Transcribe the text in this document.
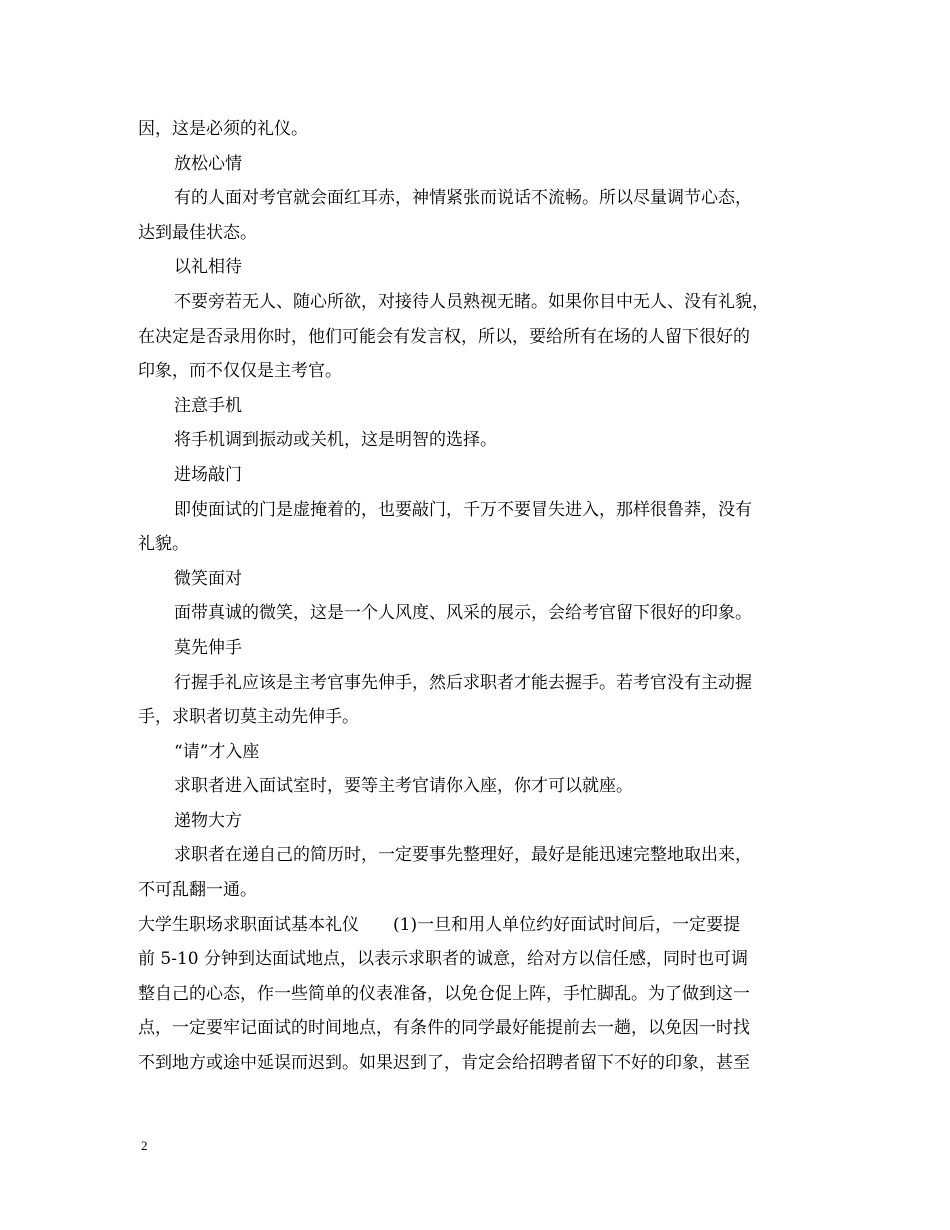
因，这是必须的礼仪。
放松心情
有的人面对考官就会面红耳赤，神情紧张而说话不流畅。所以尽量调节心态，
达到最佳状态。
以礼相待
不要旁若无人、随心所欲，对接待人员熟视无睹。如果你目中无人、没有礼貌，
在决定是否录用你时，他们可能会有发言权，所以，要给所有在场的人留下很好的
印象，而不仅仅是主考官。
注意手机
将手机调到振动或关机，这是明智的选择。
进场敲门
即使面试的门是虚掩着的，也要敲门，千万不要冒失进入，那样很鲁莽，没有
礼貌。
微笑面对
面带真诚的微笑，这是一个人风度、风采的展示，会给考官留下很好的印象。
莫先伸手
行握手礼应该是主考官事先伸手，然后求职者才能去握手。若考官没有主动握
手，求职者切莫主动先伸手。
“请”才入座
求职者进入面试室时，要等主考官请你入座，你才可以就座。
递物大方
求职者在递自己的简历时，一定要事先整理好，最好是能迅速完整地取出来，
不可乱翻一通。
大学生职场求职面试基本礼仪　　(1)一旦和用人单位约好面试时间后，一定要提
前 5-10 分钟到达面试地点，以表示求职者的诚意，给对方以信任感，同时也可调
整自己的心态，作一些简单的仪表准备，以免仓促上阵，手忙脚乱。为了做到这一
点，一定要牢记面试的时间地点，有条件的同学最好能提前去一趟，以免因一时找
不到地方或途中延误而迟到。如果迟到了，肯定会给招聘者留下不好的印象，甚至
2
